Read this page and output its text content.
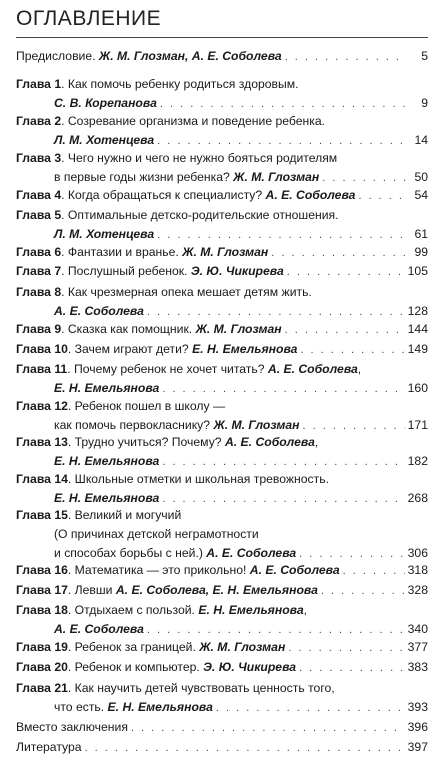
ОГЛАВЛЕНИЕ
Предисловие. Ж. М. Глозман, А. Е. Соболева . . .	5
Глава 1. Как помочь ребенку родиться здоровым.
С. В. Корепанова . . .	9
Глава 2. Созревание организма и поведение ребенка.
Л. М. Хотенцева . . .	14
Глава 3. Чего нужно и чего не нужно бояться родителям
в первые годы жизни ребенка? Ж. М. Глозман . . .	50
Глава 4. Когда обращаться к специалисту? А. Е. Соболева . . .	54
Глава 5. Оптимальные детско-родительские отношения.
Л. М. Хотенцева . . .	61
Глава 6. Фантазии и вранье. Ж. М. Глозман . . .	99
Глава 7. Послушный ребенок. Э. Ю. Чикирева . . .	105
Глава 8. Как чрезмерная опека мешает детям жить.
А. Е. Соболева . . .	128
Глава 9. Сказка как помощник. Ж. М. Глозман . . .	144
Глава 10. Зачем играют дети? Е. Н. Емельянова . . .	149
Глава 11. Почему ребенок не хочет читать? А. Е. Соболева,
Е. Н. Емельянова . . .	160
Глава 12. Ребенок пошел в школу —
как помочь первокласнику? Ж. М. Глозман . . .	171
Глава 13. Трудно учиться? Почему? А. Е. Соболева,
Е. Н. Емельянова . . .	182
Глава 14. Школьные отметки и школьная тревожность.
Е. Н. Емельянова . . .	268
Глава 15. Великий и могучий
(О причинах детской неграмотности
и способах борьбы с ней.) А. Е. Соболева . . .	306
Глава 16. Математика — это прикольно! А. Е. Соболева . . .	318
Глава 17. Левши А. Е. Соболева, Е. Н. Емельянова . . .	328
Глава 18. Отдыхаем с пользой. Е. Н. Емельянова,
А. Е. Соболева . . .	340
Глава 19. Ребенок за границей. Ж. М. Глозман . . .	377
Глава 20. Ребенок и компьютер. Э. Ю. Чикирева . . .	383
Глава 21. Как научить детей чувствовать ценность того,
что есть. Е. Н. Емельянова . . .	393
Вместо заключения . . .	396
Литература . . .	397
